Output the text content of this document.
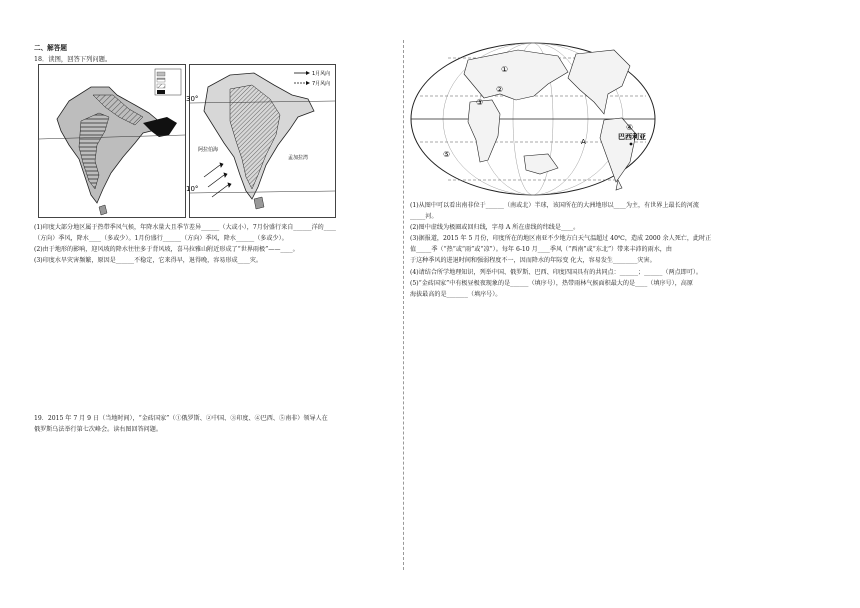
二、解答题
18．读图，回答下列问题。
30°
10°
1月风向
7月风向
阿拉伯海
孟加拉湾

(1)印度大部分地区属于热带季风气候，年降水量大且季节差异______（大或小），7月份盛行来自______洋的____

（方向）季风，降水____（多或少）。1月份盛行______（方向）季风，降水______（多或少）。

(2)由于地形的影响，迎风坡的降水往往多于背风坡，喜马拉雅山附近形成了“世界雨极”——____。

(3)印度水旱灾害频繁，原因是______不稳定，它来得早，退得晚，容易形成____灾。

19．2015 年 7 月 9 日（当地时间），“金砖国家”（①俄罗斯、②中国、③印度、④巴西、⑤南非）领导人在

俄罗斯乌法举行第七次峰会。读右图回答问题。

①
②
③
⑤
④
A
巴西利亚

(1)从图中可以看出南非位于______（南或北）半球，该国所在的大洲地形以____为主，有世界上最长的河流

_____河。

(2)图中虚线为极圈或回归线，字母 A 所在虚线的纬线是____。

(3)据报道，2015 年 5 月份，印度所在的地区南亚不少地方白天气温超过 40℃，造成 2000 余人死亡，此时正

值_____季（“热”或“雨”或“凉”）。每年 6-10 月____季风（“西南”或“东北”）带来丰沛的雨水，由

于这种季风的进退时间和强弱程度不一，因而降水的年际变 化大，容易发生________灾害。

(4)请结合所学地理知识，列举中国、俄罗斯、巴西、印度四国具有的共同点：______；______（两点即可）。

(5)“金砖国家”中有极昼极夜现象的是______（填序号），热带雨林气候面积最大的是____（填序号），高原

海拔最高的是_______（填序号）。
